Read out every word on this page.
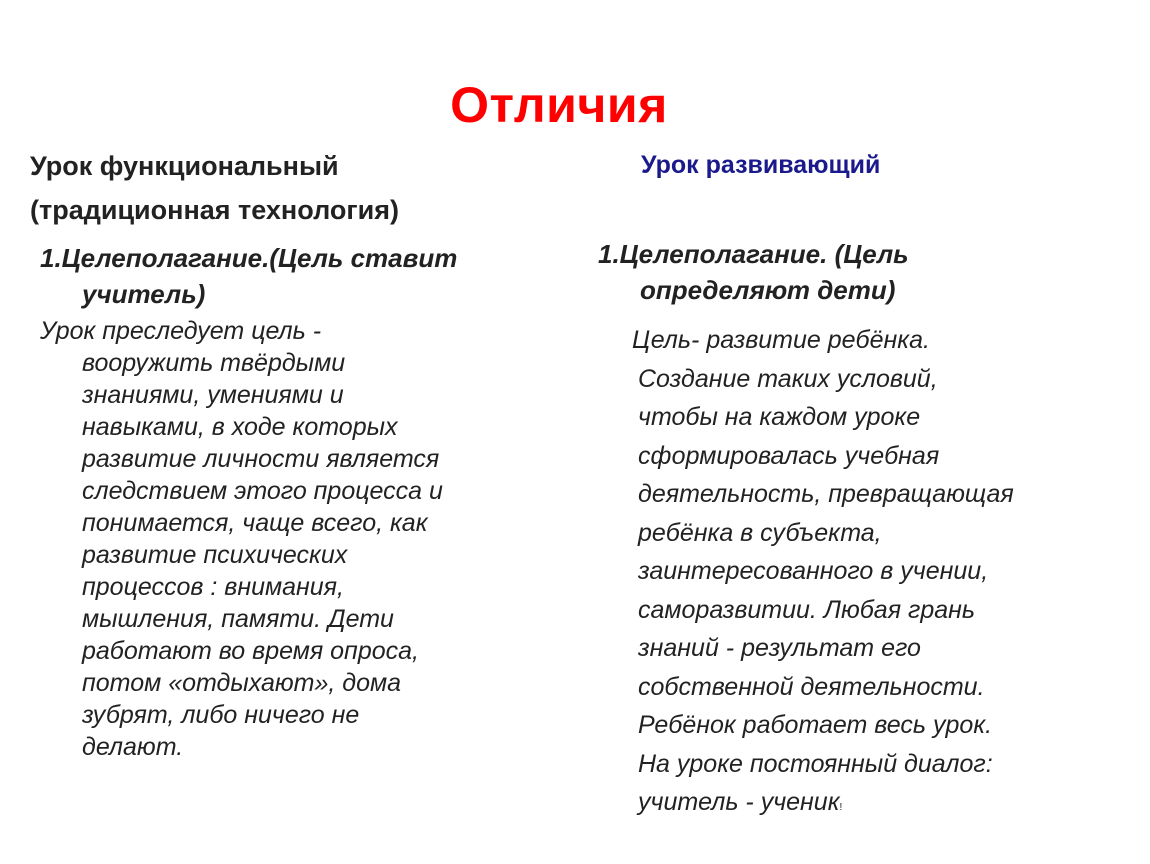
Отличия
Урок функциональный
(традиционная технология)
1.Целеполагание.(Цель ставит
учитель)
Урок преследует цель -
вооружить твёрдыми
знаниями, умениями и
навыками, в ходе которых
развитие личности является
следствием этого процесса и
понимается, чаще всего, как
развитие психических
процессов : внимания,
мышления, памяти. Дети
работают во время опроса,
потом «отдыхают», дома
зубрят, либо ничего не
делают.
Урок развивающий
1.Целеполагание. (Цель
определяют дети)
Цель- развитие ребёнка.
Создание таких условий,
чтобы на каждом уроке
сформировалась учебная
деятельность, превращающая
ребёнка в субъекта,
заинтересованного в учении,
саморазвитии. Любая грань
знаний - результат его
собственной деятельности.
Ребёнок работает весь урок.
На уроке постоянный диалог:
учитель - ученик!
